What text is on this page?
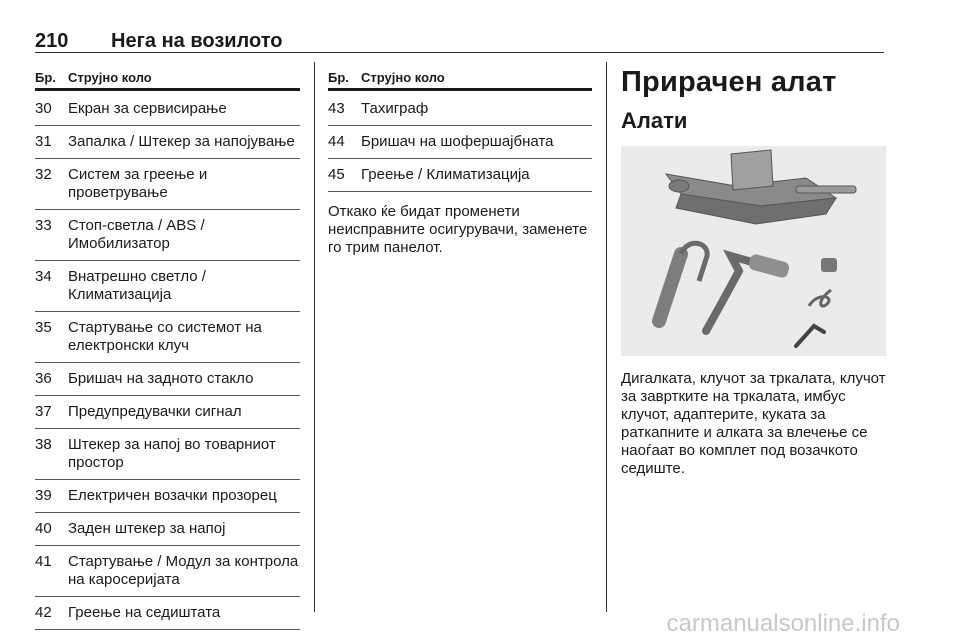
210 Нега на возилото
Бр. Струјно коло
30 Екран за сервисирање
31 Запалка / Штекер за напојување
32 Систем за греење и проветрување
33 Стоп-светла / ABS / Имобилизатор
34 Внатрешно светло / Климатизација
35 Стартување со системот на електронски клуч
36 Бришач на задното стакло
37 Предупредувачки сигнал
38 Штекер за напој во товарниот простор
39 Електричен возачки прозорец
40 Заден штекер за напој
41 Стартување / Модул за контрола на каросеријата
42 Греење на седиштата
Бр. Струјно коло
43 Тахиграф
44 Бришач на шофершајбната
45 Греење / Климатизација
Откако ќе бидат променети неисправните осигурувачи, заменете го трим панелот.
Прирачен алат
Алати
Дигалката, клучот за тркалата, клучот за завртките на тркалата, имбус клучот, адаптерите, куката за раткапните и алката за влечење се наоѓаат во комплет под возачкото седиште.
carmanualsonline.info
